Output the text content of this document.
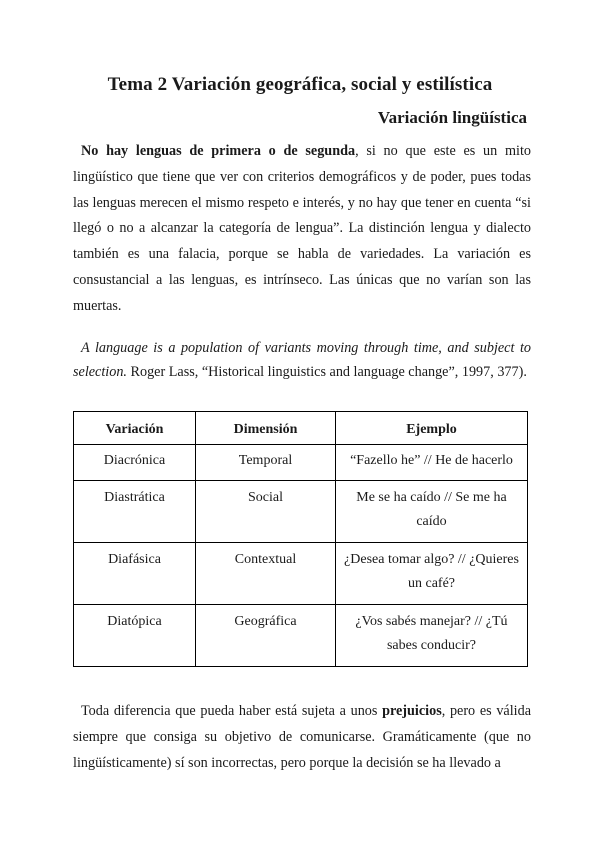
Tema 2 Variación geográfica, social y estilística
Variación lingüística

No hay lenguas de primera o de segunda, si no que este es un mito lingüístico que tiene que ver con criterios demográficos y de poder, pues todas las lenguas merecen el mismo respeto e interés, y no hay que tener en cuenta “si llegó o no a alcanzar la categoría de lengua”. La distinción lengua y dialecto también es una falacia, porque se habla de variedades. La variación es consustancial a las lenguas, es intrínseco. Las únicas que no varían son las muertas.

A language is a population of variants moving through time, and subject to selection. Roger Lass, “Historical linguistics and language change”, 1997, 377).

Variación	Dimensión	Ejemplo
Diacrónica	Temporal	“Fazello he” // He de hacerlo
Diastrática	Social	Me se ha caído // Se me ha caído
Diafásica	Contextual	¿Desea tomar algo? // ¿Quieres un café?
Diatópica	Geográfica	¿Vos sabés manejar? // ¿Tú sabes conducir?

Toda diferencia que pueda haber está sujeta a unos prejuicios, pero es válida siempre que consiga su objetivo de comunicarse. Gramáticamente (que no lingüísticamente) sí son incorrectas, pero porque la decisión se ha llevado a
